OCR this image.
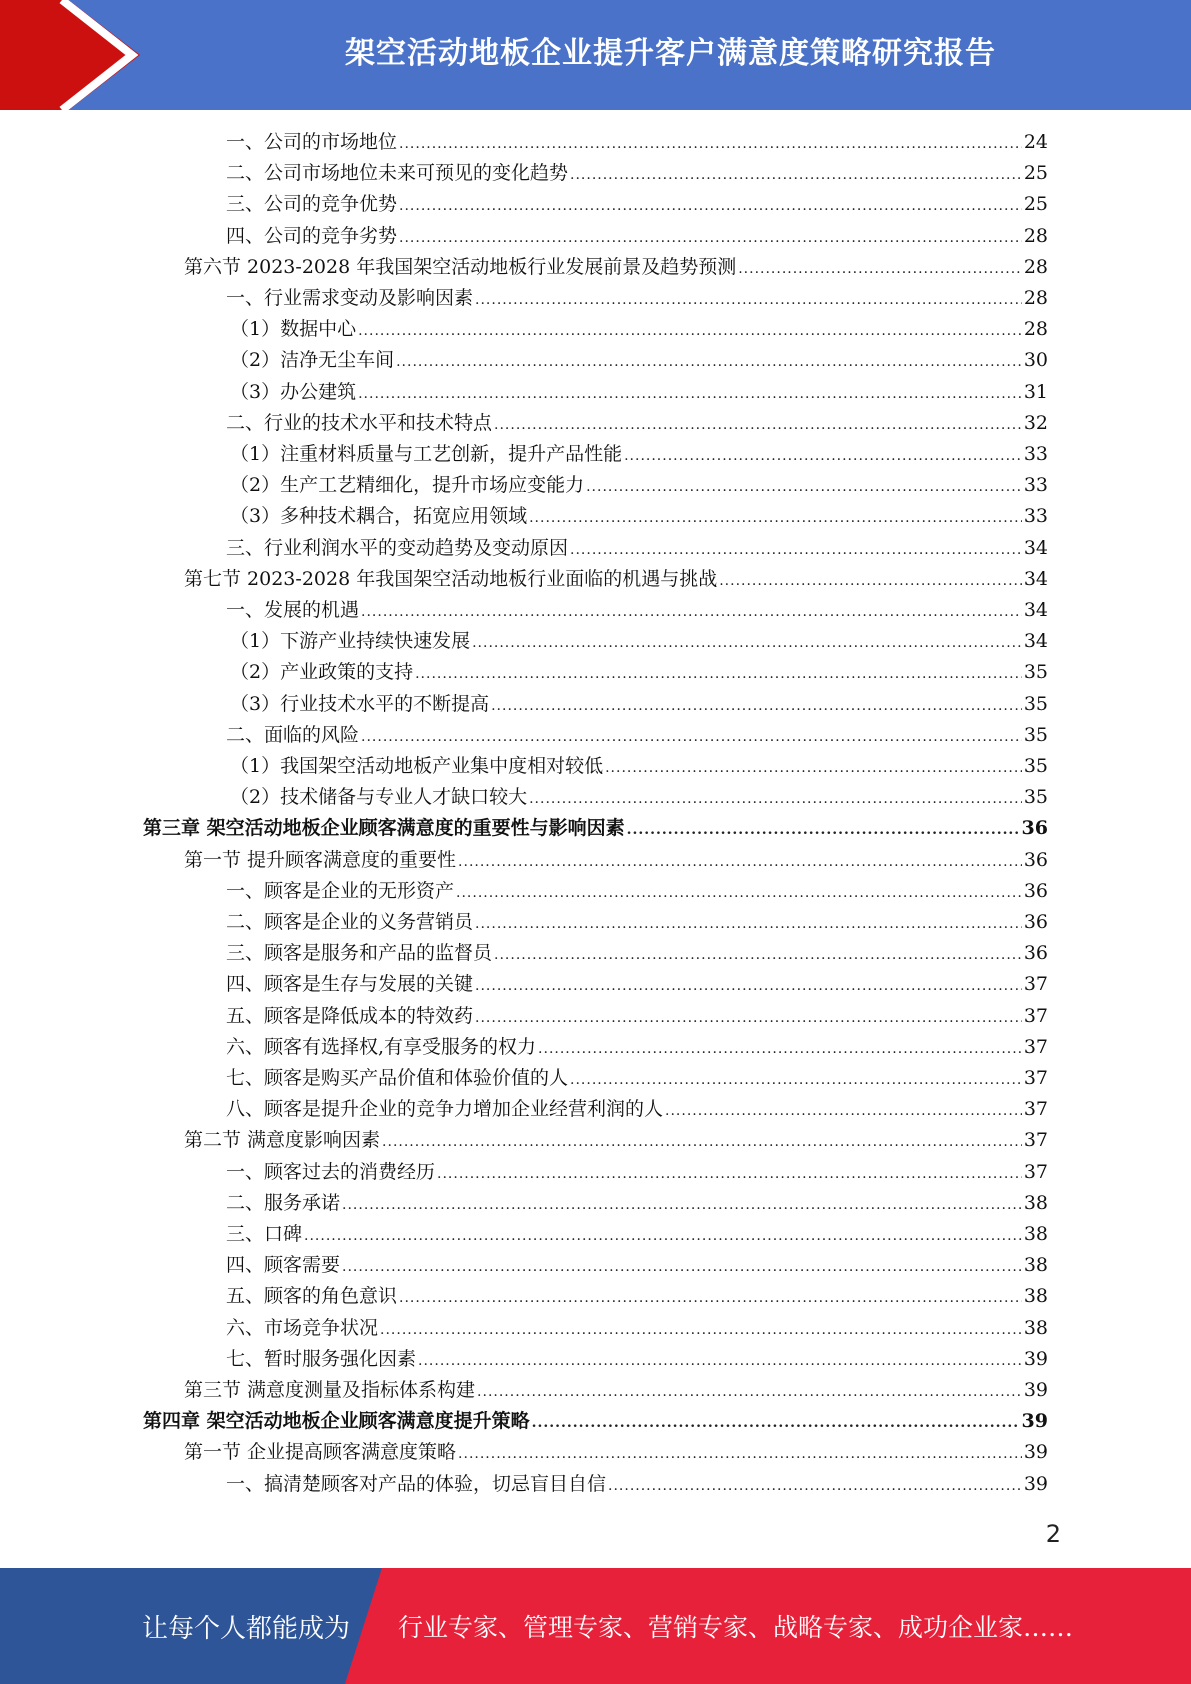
架空活动地板企业提升客户满意度策略研究报告
一、公司的市场地位 .....	24
二、公司市场地位未来可预见的变化趋势 .....	25
三、公司的竞争优势 .....	25
四、公司的竞争劣势 .....	28
第六节 2023-2028 年我国架空活动地板行业发展前景及趋势预测 .....	28
一、行业需求变动及影响因素 .....	28
（1）数据中心 .....	28
（2）洁净无尘车间 .....	30
（3）办公建筑 .....	31
二、行业的技术水平和技术特点 .....	32
（1）注重材料质量与工艺创新，提升产品性能 .....	33
（2）生产工艺精细化，提升市场应变能力 .....	33
（3）多种技术耦合，拓宽应用领域 .....	33
三、行业利润水平的变动趋势及变动原因 .....	34
第七节 2023-2028 年我国架空活动地板行业面临的机遇与挑战 .....	34
一、发展的机遇 .....	34
（1）下游产业持续快速发展 .....	34
（2）产业政策的支持 .....	35
（3）行业技术水平的不断提高 .....	35
二、面临的风险 .....	35
（1）我国架空活动地板产业集中度相对较低 .....	35
（2）技术储备与专业人才缺口较大 .....	35
第三章 架空活动地板企业顾客满意度的重要性与影响因素 .....	36
第一节 提升顾客满意度的重要性 .....	36
一、顾客是企业的无形资产 .....	36
二、顾客是企业的义务营销员 .....	36
三、顾客是服务和产品的监督员 .....	36
四、顾客是生存与发展的关键 .....	37
五、顾客是降低成本的特效药 .....	37
六、顾客有选择权,有享受服务的权力 .....	37
七、顾客是购买产品价值和体验价值的人 .....	37
八、顾客是提升企业的竞争力增加企业经营利润的人 .....	37
第二节 满意度影响因素 .....	37
一、顾客过去的消费经历 .....	37
二、服务承诺 .....	38
三、口碑 .....	38
四、顾客需要 .....	38
五、顾客的角色意识 .....	38
六、市场竞争状况 .....	38
七、暂时服务强化因素 .....	39
第三节 满意度测量及指标体系构建 .....	39
第四章 架空活动地板企业顾客满意度提升策略 .....	39
第一节 企业提高顾客满意度策略 .....	39
一、搞清楚顾客对产品的体验，切忌盲目自信 .....	39
2
让每个人都能成为 行业专家、管理专家、营销专家、战略专家、成功企业家……
